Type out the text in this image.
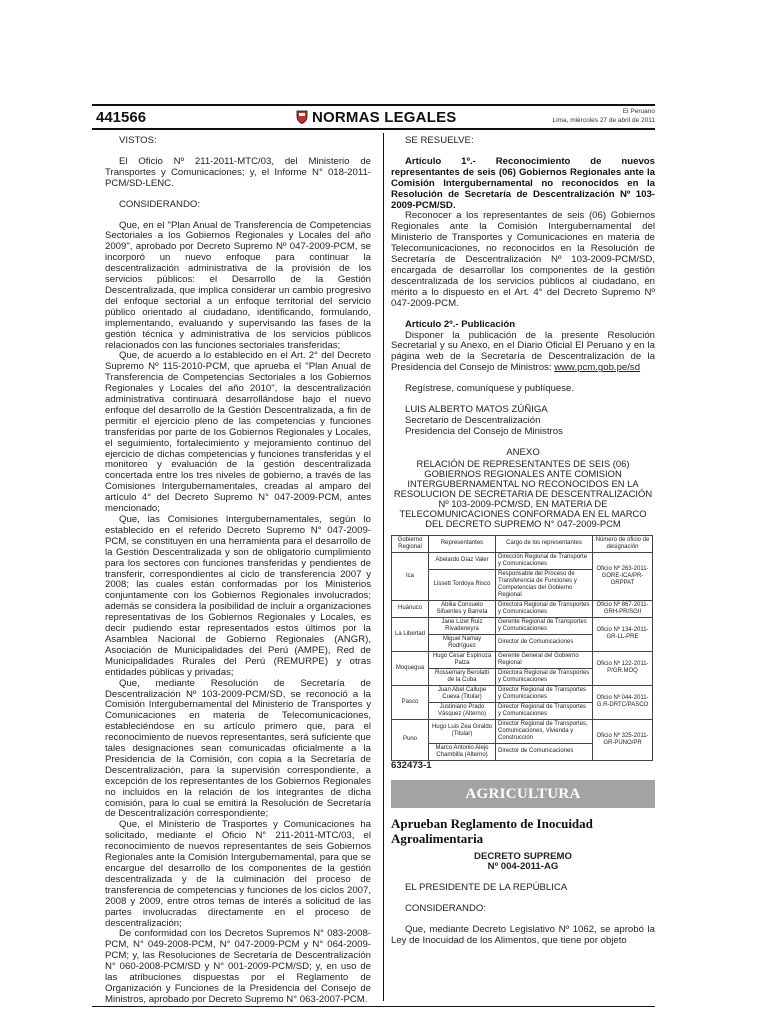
441566	NORMAS LEGALES	El Peruano
Lima, miércoles 27 de abril de 2011

VISTOS:

El Oficio Nº 211-2011-MTC/03, del Ministerio de Transportes y Comunicaciones; y, el Informe N° 018-2011-PCM/SD-LENC.

CONSIDERANDO:

Que, en el "Plan Anual de Transferencia de Competencias Sectoriales a los Gobiernos Regionales y Locales del año 2009", aprobado por Decreto Supremo Nº 047-2009-PCM, se incorporó un nuevo enfoque para continuar la descentralización administrativa de la provisión de los servicios públicos: el Desarrollo de la Gestión Descentralizada, que implica considerar un cambio progresivo del enfoque sectorial a un enfoque territorial del servicio público orientado al ciudadano, identificando, formulando, implementando, evaluando y supervisando las fases de la gestión técnica y administrativa de los servicios públicos relacionados con las funciones sectoriales transferidas;

Que, de acuerdo a lo establecido en el Art. 2° del Decreto Supremo Nº 115-2010-PCM, que aprueba el "Plan Anual de Transferencia de Competencias Sectoriales a los Gobiernos Regionales y Locales del año 2010", la descentralización administrativa continuará desarrollándose bajo el nuevo enfoque del desarrollo de la Gestión Descentralizada, a fin de permitir el ejercicio pleno de las competencias y funciones transferidas por parte de los Gobiernos Regionales y Locales, el seguimiento, fortalecimiento y mejoramiento continuo del ejercicio de dichas competencias y funciones transferidas y el monitoreo y evaluación de la gestión descentralizada concertada entre los tres niveles de gobierno, a través de las Comisiones Intergubernamentales, creadas al amparo del artículo 4° del Decreto Supremo N° 047-2009-PCM, antes mencionado;

Que, las Comisiones Intergubernamentales, según lo establecido en el referido Decreto Supremo N° 047-2009-PCM, se constituyen en una herramienta para el desarrollo de la Gestión Descentralizada y son de obligatorio cumplimiento para los sectores con funciones transferidas y pendientes de transferir, correspondientes al ciclo de transferencia 2007 y 2008; las cuales están conformadas por los Ministerios conjuntamente con los Gobiernos Regionales involucrados; además se considera la posibilidad de incluir a organizaciones representativas de los Gobiernos Regionales y Locales, es decir pudiendo estar representados estos últimos por la Asamblea Nacional de Gobierno Regionales (ANGR), Asociación de Municipalidades del Perú (AMPE), Red de Municipalidades Rurales del Perú (REMURPE) y otras entidades públicas y privadas;

Que, mediante Resolución de Secretaría de Descentralización Nº 103-2009-PCM/SD, se reconoció a la Comisión Intergubernamental del Ministerio de Transportes y Comunicaciones en materia de Telecomunicaciones, estableciéndose en su artículo primero que, para el reconocimiento de nuevos representantes, será suficiente que tales designaciones sean comunicadas oficialmente a la Presidencia de la Comisión, con copia a la Secretaría de Descentralización, para la supervisión correspondiente, a excepción de los representantes de los Gobiernos Regionales no incluidos en la relación de los integrantes de dicha comisión, para lo cual se emitirá la Resolución de Secretaría de Descentralización correspondiente;

Que, el Ministerio de Trasportes y Comunicaciones ha solicitado, mediante el Oficio N° 211-2011-MTC/03, el reconocimiento de nuevos representantes de seis Gobiernos Regionales ante la Comisión Intergubernamental, para que se encargue del desarrollo de los componentes de la gestión descentralizada y de la culminación del proceso de transferencia de competencias y funciones de los ciclos 2007, 2008 y 2009, entre otros temas de interés a solicitud de las partes involucradas directamente en el proceso de descentralización;

De conformidad con los Decretos Supremos N° 083-2008-PCM, N° 049-2008-PCM, N° 047-2009-PCM y N° 064-2009-PCM; y, las Resoluciones de Secretaría de Descentralización N° 060-2008-PCM/SD y N° 001-2009-PCM/SD; y, en uso de las atribuciones dispuestas por el Reglamento de Organización y Funciones de la Presidencia del Consejo de Ministros, aprobado por Decreto Supremo N° 063-2007-PCM.

SE RESUELVE:

Artículo 1º.- Reconocimiento de nuevos representantes de seis (06) Gobiernos Regionales ante la Comisión Intergubernamental no reconocidos en la Resolución de Secretaría de Descentralización Nº 103-2009-PCM/SD.

Reconocer a los representantes de seis (06) Gobiernos Regionales ante la Comisión Intergubernamental del Ministerio de Transportes y Comunicaciones en materia de Telecomunicaciones, no reconocidos en la Resolución de Secretaría de Descentralización Nº 103-2009-PCM/SD, encargada de desarrollar los componentes de la gestión descentralizada de los servicios públicos al ciudadano, en mérito a lo dispuesto en el Art. 4° del Decreto Supremo Nº 047-2009-PCM.

Artículo 2º.- Publicación

Disponer la publicación de la presente Resolución Secretarial y su Anexo, en el Diario Oficial El Peruano y en la página web de la Secretaría de Descentralización de la Presidencia del Consejo de Ministros: www.pcm.gob.pe/sd

Regístrese, comuníquese y publíquese.

LUIS ALBERTO MATOS ZÚÑIGA

Secretario de Descentralización

Presidencia del Consejo de Ministros

ANEXO

RELACIÓN DE REPRESENTANTES DE SEIS (06) GOBIERNOS REGIONALES ANTE COMISION INTERGUBERNAMENTAL NO RECONOCIDOS EN LA RESOLUCION DE SECRETARIA DE DESCENTRALIZACIÓN Nº 103-2009-PCM/SD, EN MATERIA DE TELECOMUNICACIONES CONFORMADA EN EL MARCO DEL DECRETO SUPREMO N° 047-2009-PCM

Gobierno Regional	Representantes	Cargo de los representantes	Número de oficio de designación
Ica	Abelardo Díaz Valer	Dirección Regional de Transporte y Comunicaciones	Oficio Nº 263-2011-GORE-ICA/PR-GRPPAT
	Lissett Tordoya Risco	Responsable del Proceso de Transferencia de Funciones y Competencias del Gobierno Regional	
Huánuco	Abilia Consuelo Sifuentes y Barreta	Directora Regional de Transportes y Comunicaciones	Oficio Nº 867-2011-GRH-PR/SGII
La Libertad	Jane Lizet Ruiz Rivadeneyra	Gerente Regional de Transportes y Comunicaciones	Oficio Nº 134-2011-GR-LL-PRE
	Miguel Namay Rodríguez	Director de Comunicaciones	
Moquegua	Hugo Cesar Espinoza Palza	Gerente General del Gobierno Regional	Oficio Nº 122-2011-P/GR.MOQ
	Rossemary Berolatti de la Cuba	Directora Regional de Transportes y Comunicaciones	
Pasco	Juan Abel Callupe Cueva (Titular)	Director Regional de Transportes y Comunicaciones	Oficio Nº 044-2011-G.R-DRTC/PASCO
	Justiniano Prado Vásquez (Alterno)	Director Regional de Transportes y Comunicaciones	
Puno	Hugo Luis Zea Giraldo (Titular)	Director Regional de Transportes, Comunicaciones, Vivienda y Construcción	Oficio Nº 325-2011-GR-PUNO/PR
	Marco Antonio Alejo Chambilla (Alterno)	Director de Comunicaciones	

632473-1

AGRICULTURA
Aprueban Reglamento de Inocuidad Agroalimentaria

DECRETO SUPREMO

Nº 004-2011-AG

EL PRESIDENTE DE LA REPÚBLICA

CONSIDERANDO:

Que, mediante Decreto Legislativo Nº 1062, se aprobó la Ley de Inocuidad de los Alimentos, que tiene por objeto
